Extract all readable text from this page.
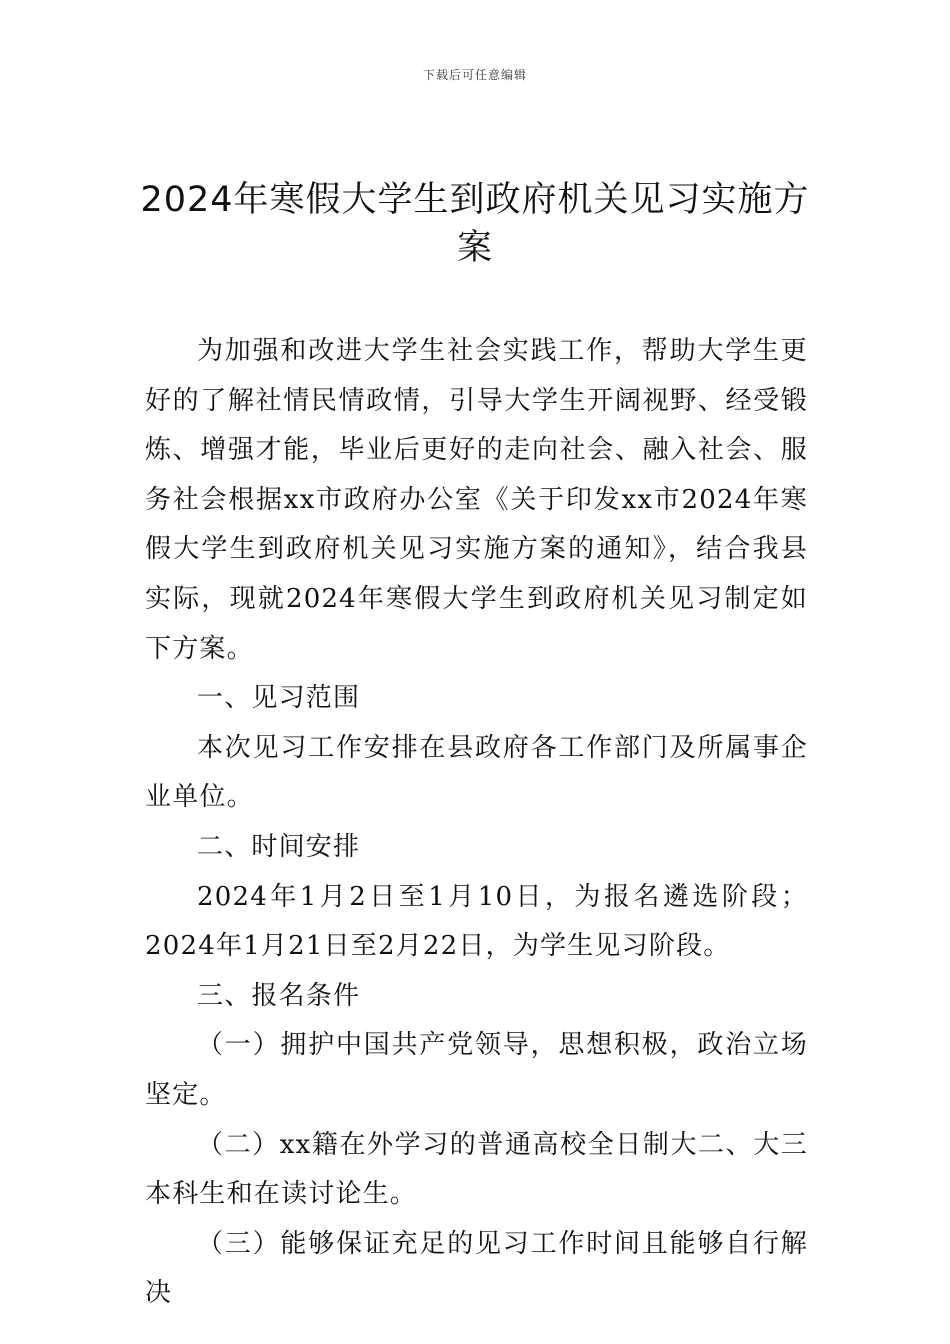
下载后可任意编辑
2024年寒假大学生到政府机关见习实施方案

为加强和改进大学生社会实践工作，帮助大学生更好的了解社情民情政情，引导大学生开阔视野、经受锻炼、增强才能，毕业后更好的走向社会、融入社会、服务社会根据xx市政府办公室《关于印发xx市2024年寒假大学生到政府机关见习实施方案的通知》，结合我县实际，现就2024年寒假大学生到政府机关见习制定如下方案。

一、见习范围

本次见习工作安排在县政府各工作部门及所属事企业单位。

二、时间安排

2024年1月2日至1月10日，为报名遴选阶段；2024年1月21日至2月22日，为学生见习阶段。

三、报名条件

（一）拥护中国共产党领导，思想积极，政治立场坚定。

（二）xx籍在外学习的普通高校全日制大二、大三本科生和在读讨论生。

（三）能够保证充足的见习工作时间且能够自行解决
